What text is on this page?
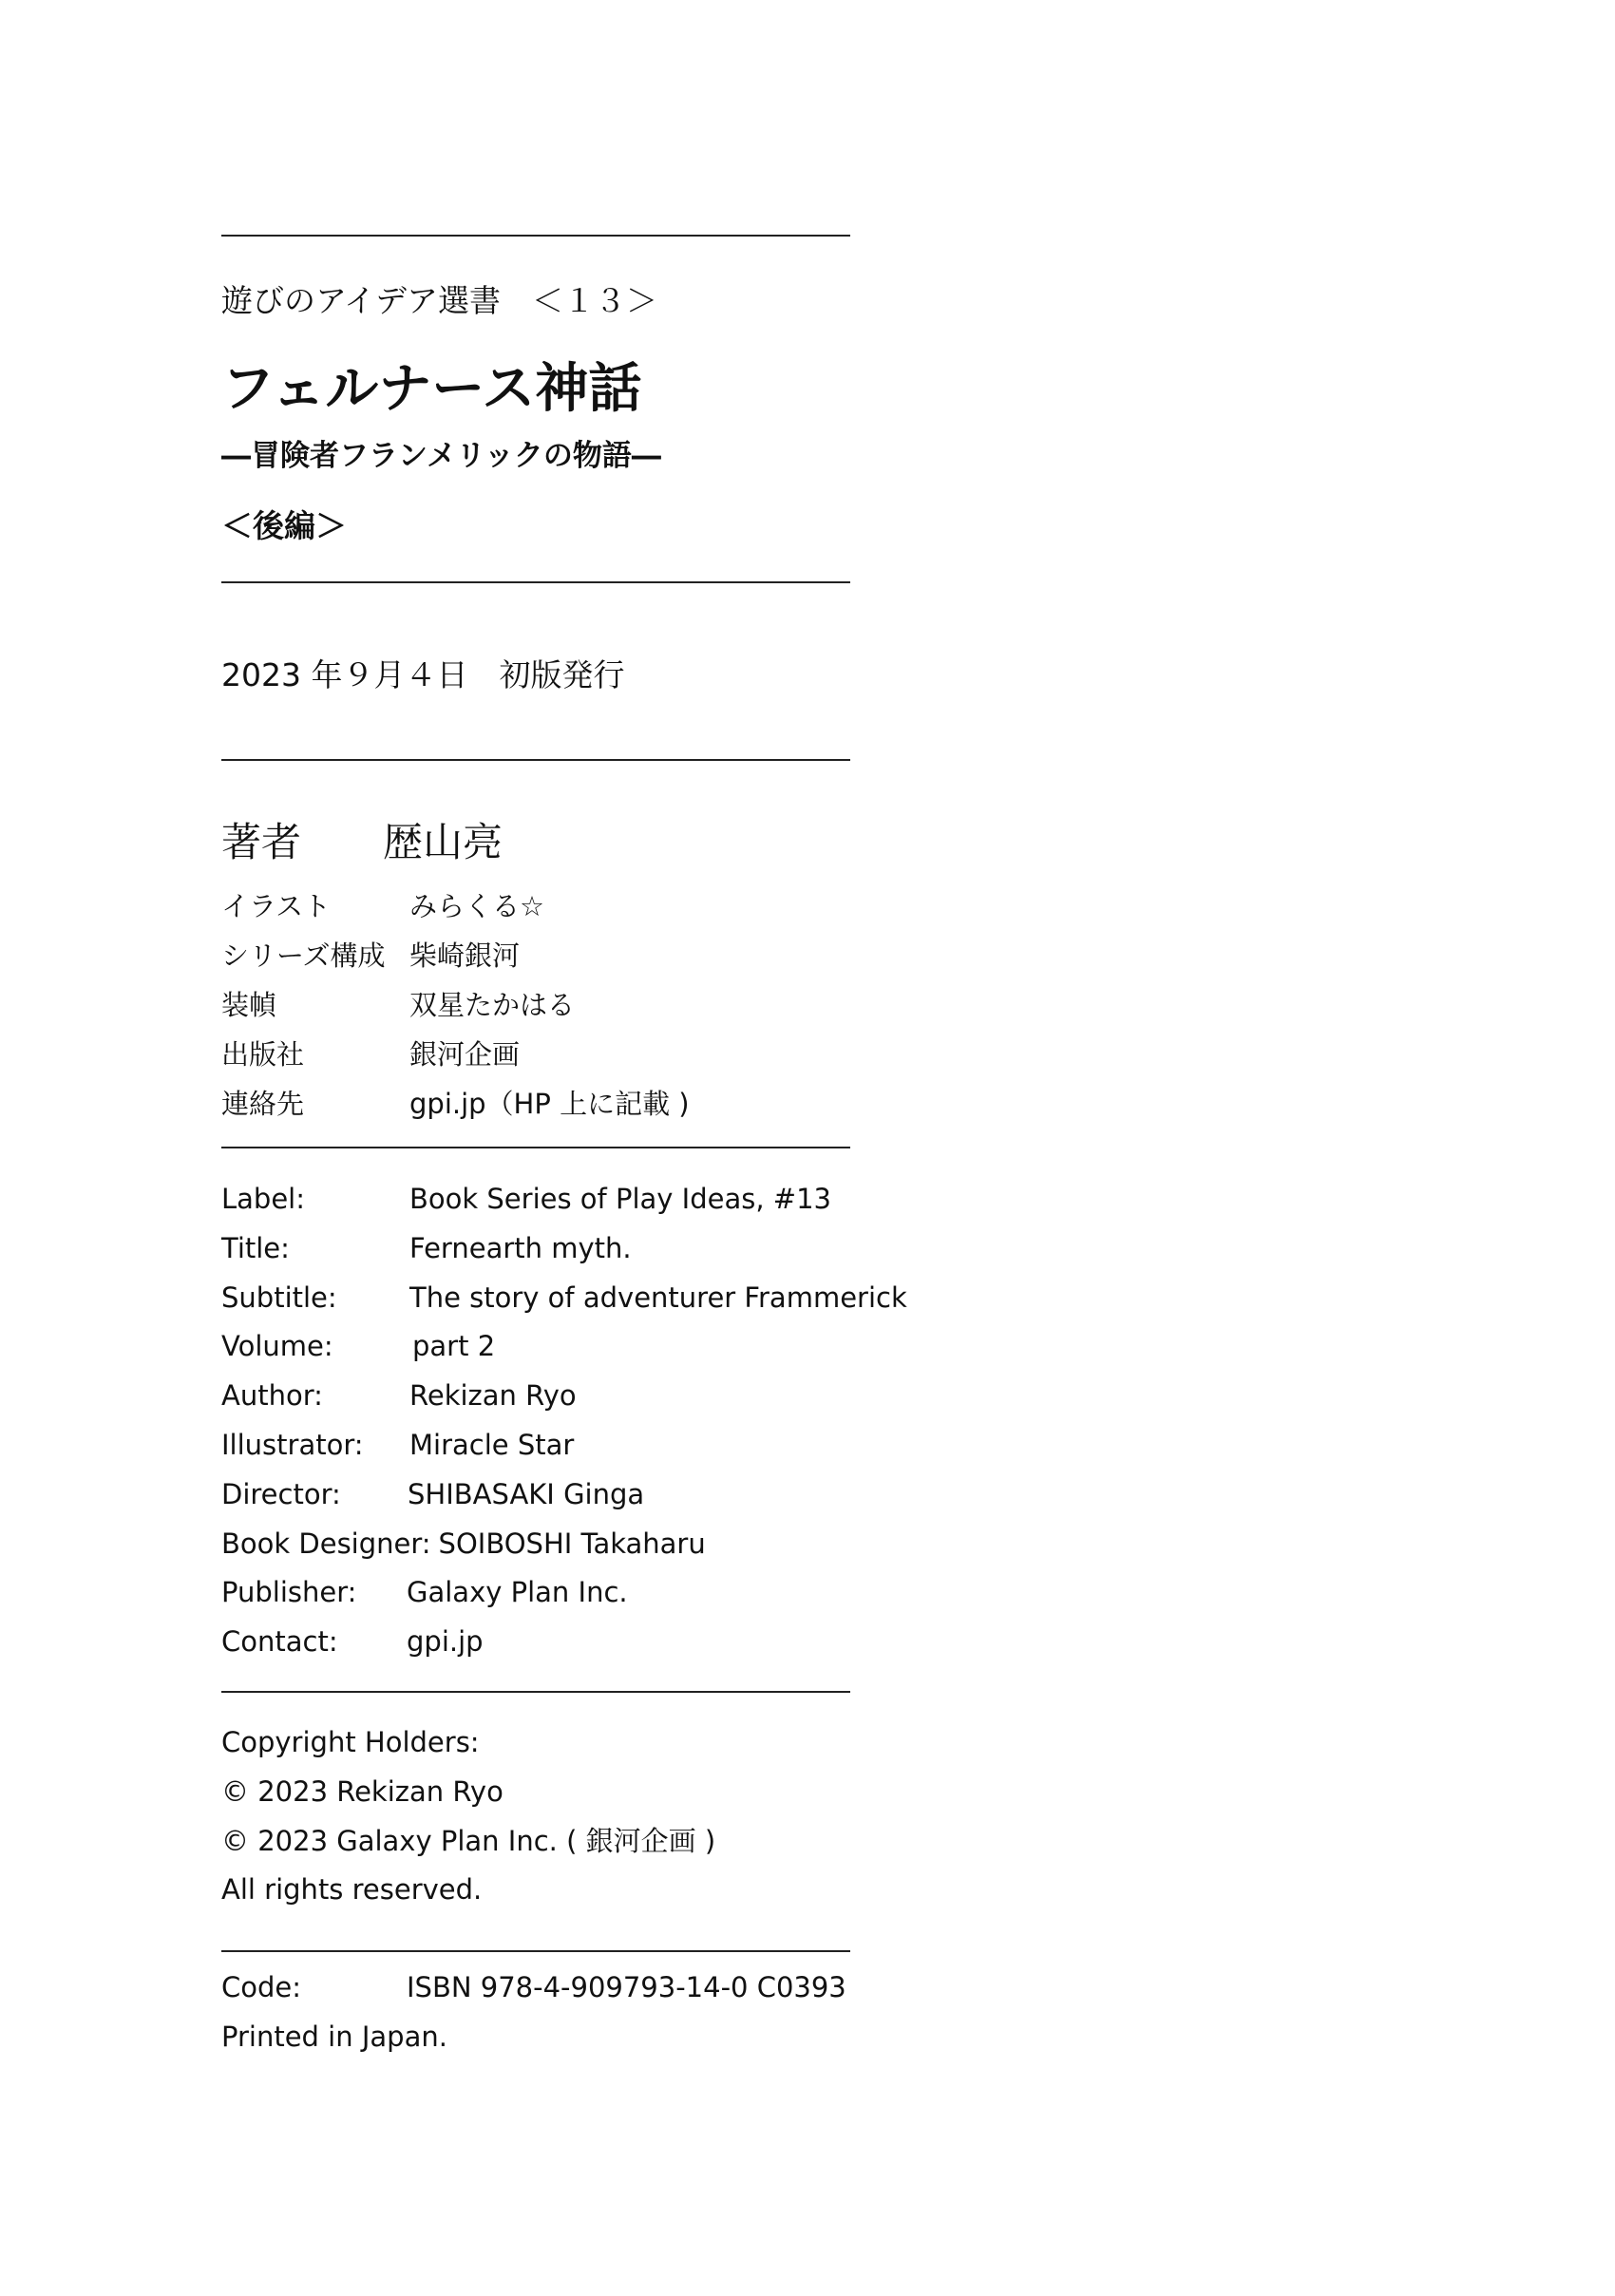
遊びのアイデア選書　＜１３＞
フェルナース神話
―冒険者フランメリックの物語―
＜後編＞
2023 年９月４日　初版発行
著者 歴山亮
イラスト	みらくる☆
シリーズ構成 柴崎銀河
装幀	双星たかはる
出版社	銀河企画
連絡先	gpi.jp（HP 上に記載 )
Label:	Book Series of Play Ideas, #13
Title:	Fernearth myth.
Subtitle:	The story of adventurer Frammerick
Volume:	part 2
Author:	Rekizan Ryo
Illustrator: Miracle Star
Director: SHIBASAKI Ginga
Book Designer: SOIBOSHI Takaharu
Publisher: Galaxy Plan Inc.
Contact: gpi.jp
Copyright Holders:
© 2023 Rekizan Ryo
© 2023 Galaxy Plan Inc. ( 銀河企画 )
All rights reserved.
Code:	ISBN 978-4-909793-14-0 C0393
Printed in Japan.
